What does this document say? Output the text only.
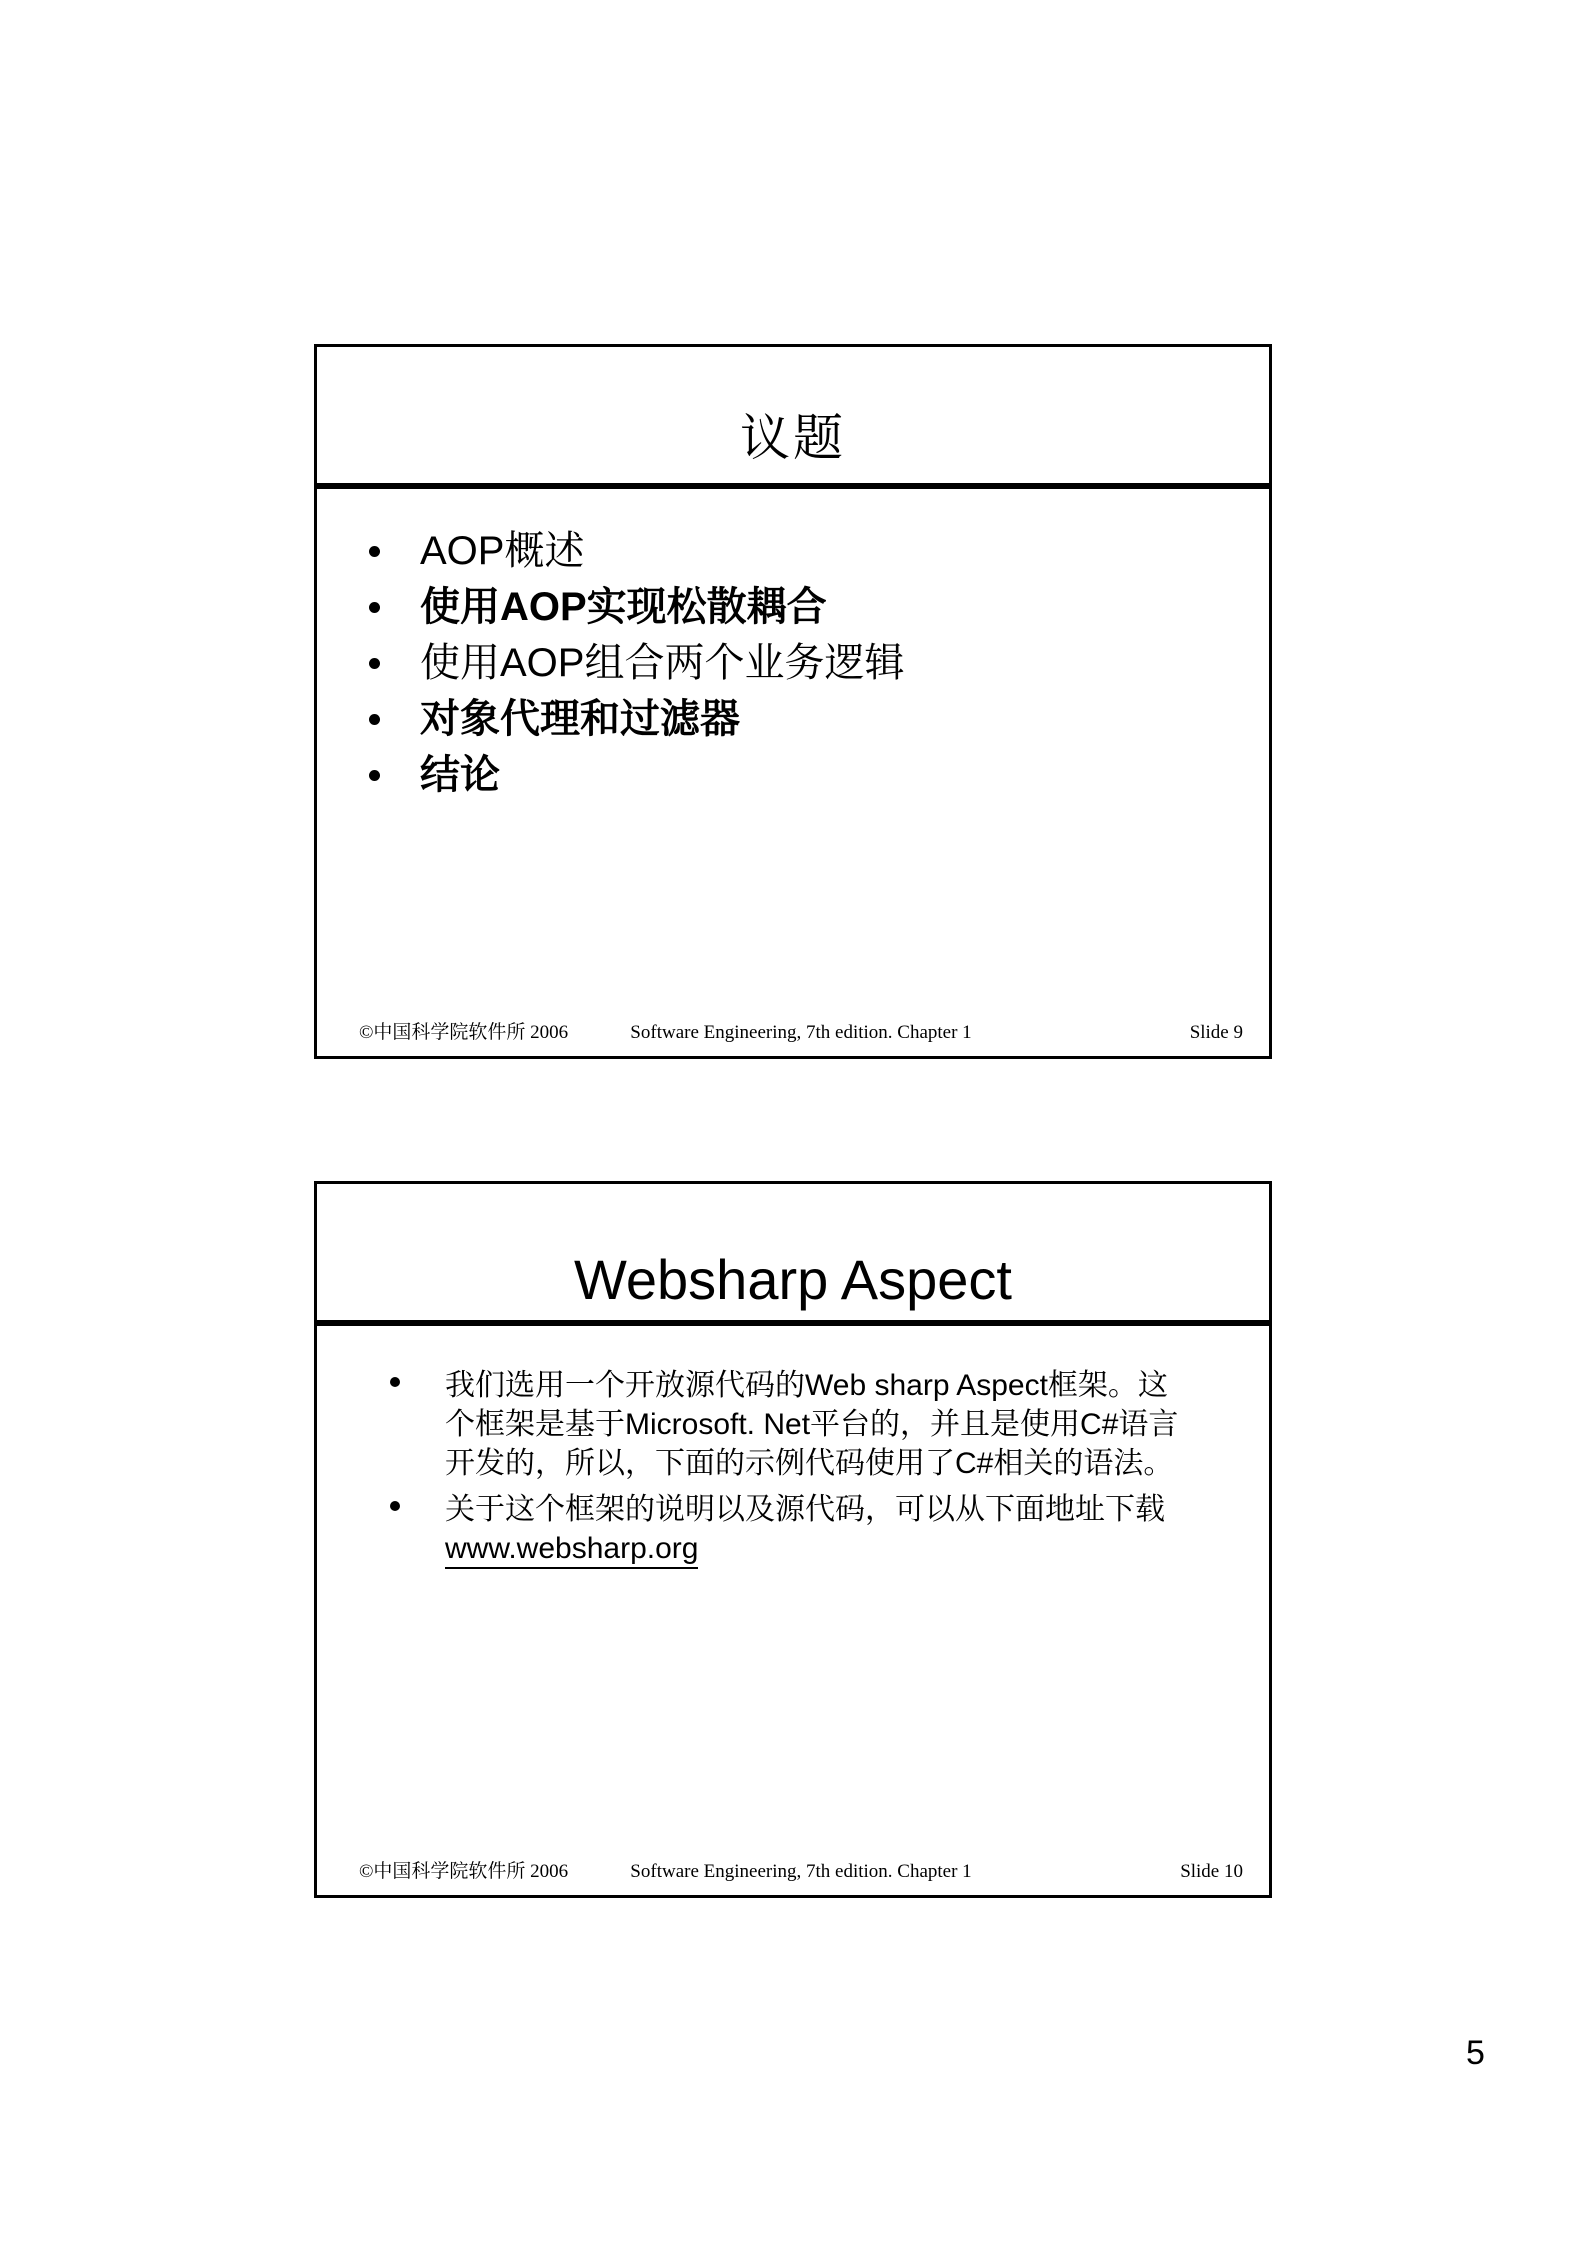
议题
AOP概述
使用AOP实现松散耦合
使用AOP组合两个业务逻辑
对象代理和过滤器
结论
©中国科学院软件所 2006	Software Engineering, 7th edition. Chapter 1	Slide 9
Websharp Aspect
我们选用一个开放源代码的Web sharp Aspect框架。这
个框架是基于Microsoft. Net平台的，并且是使用C#语言
开发的，所以，下面的示例代码使用了C#相关的语法。
关于这个框架的说明以及源代码，可以从下面地址下载
www.websharp.org
©中国科学院软件所 2006	Software Engineering, 7th edition. Chapter 1	Slide 10
5
